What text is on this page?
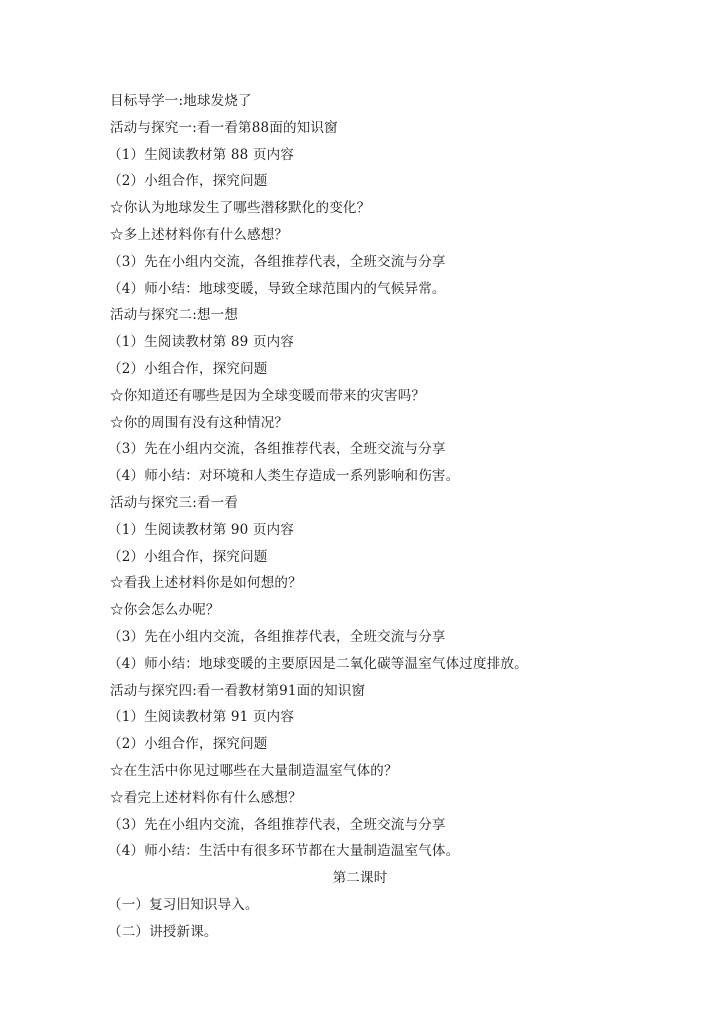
目标导学一:地球发烧了
活动与探究一:看一看第88面的知识窗
（1）生阅读教材第 88 页内容
（2）小组合作，探究问题
☆你认为地球发生了哪些潜移默化的变化？
☆多上述材料你有什么感想？
（3）先在小组内交流，各组推荐代表，全班交流与分享
（4）师小结：地球变暖，导致全球范围内的气候异常。
活动与探究二:想一想
（1）生阅读教材第 89 页内容
（2）小组合作，探究问题
☆你知道还有哪些是因为全球变暖而带来的灾害吗？
☆你的周围有没有这种情况？
（3）先在小组内交流，各组推荐代表，全班交流与分享
（4）师小结：对环境和人类生存造成一系列影响和伤害。
活动与探究三:看一看
（1）生阅读教材第 90 页内容
（2）小组合作，探究问题
☆看我上述材料你是如何想的？
☆你会怎么办呢？
（3）先在小组内交流，各组推荐代表，全班交流与分享
（4）师小结：地球变暖的主要原因是二氧化碳等温室气体过度排放。
活动与探究四:看一看教材第91面的知识窗
（1）生阅读教材第 91 页内容
（2）小组合作，探究问题
☆在生活中你见过哪些在大量制造温室气体的？
☆看完上述材料你有什么感想？
（3）先在小组内交流，各组推荐代表，全班交流与分享
（4）师小结：生活中有很多环节都在大量制造温室气体。
第二课时
（一）复习旧知识导入。
（二）讲授新课。
